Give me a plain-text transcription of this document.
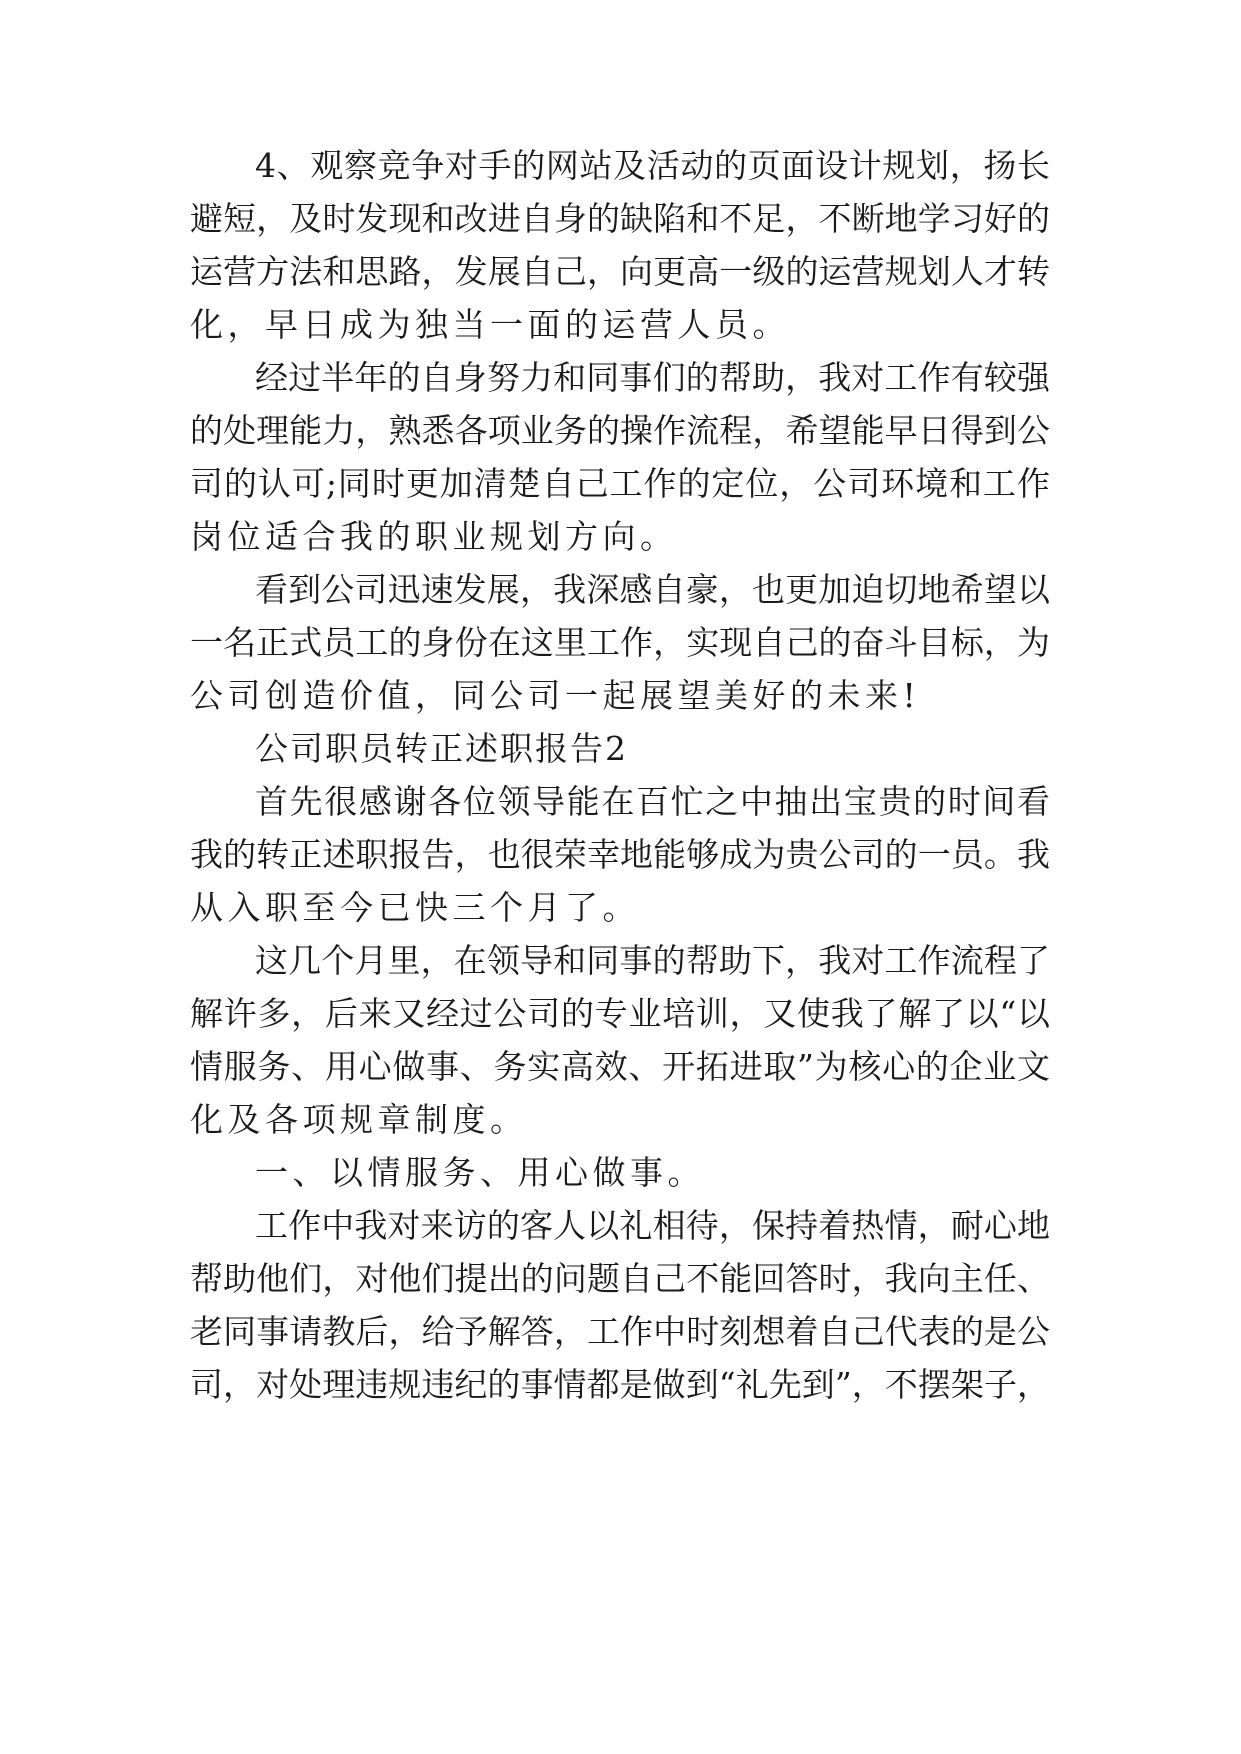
4、观察竞争对手的网站及活动的页面设计规划，扬长
避短，及时发现和改进自身的缺陷和不足，不断地学习好的
运营方法和思路，发展自己，向更高一级的运营规划人才转
化，早日成为独当一面的运营人员。
经过半年的自身努力和同事们的帮助，我对工作有较强
的处理能力，熟悉各项业务的操作流程，希望能早日得到公
司的认可;同时更加清楚自己工作的定位，公司环境和工作
岗位适合我的职业规划方向。
看到公司迅速发展，我深感自豪，也更加迫切地希望以
一名正式员工的身份在这里工作，实现自己的奋斗目标，为
公司创造价值，同公司一起展望美好的未来!
公司职员转正述职报告2
首先很感谢各位领导能在百忙之中抽出宝贵的时间看
我的转正述职报告，也很荣幸地能够成为贵公司的一员。我
从入职至今已快三个月了。
这几个月里，在领导和同事的帮助下，我对工作流程了
解许多，后来又经过公司的专业培训，又使我了解了以“以
情服务、用心做事、务实高效、开拓进取”为核心的企业文
化及各项规章制度。
一、以情服务、用心做事。
工作中我对来访的客人以礼相待，保持着热情，耐心地
帮助他们，对他们提出的问题自己不能回答时，我向主任、
老同事请教后，给予解答，工作中时刻想着自己代表的是公
司，对处理违规违纪的事情都是做到“礼先到”，不摆架子，
